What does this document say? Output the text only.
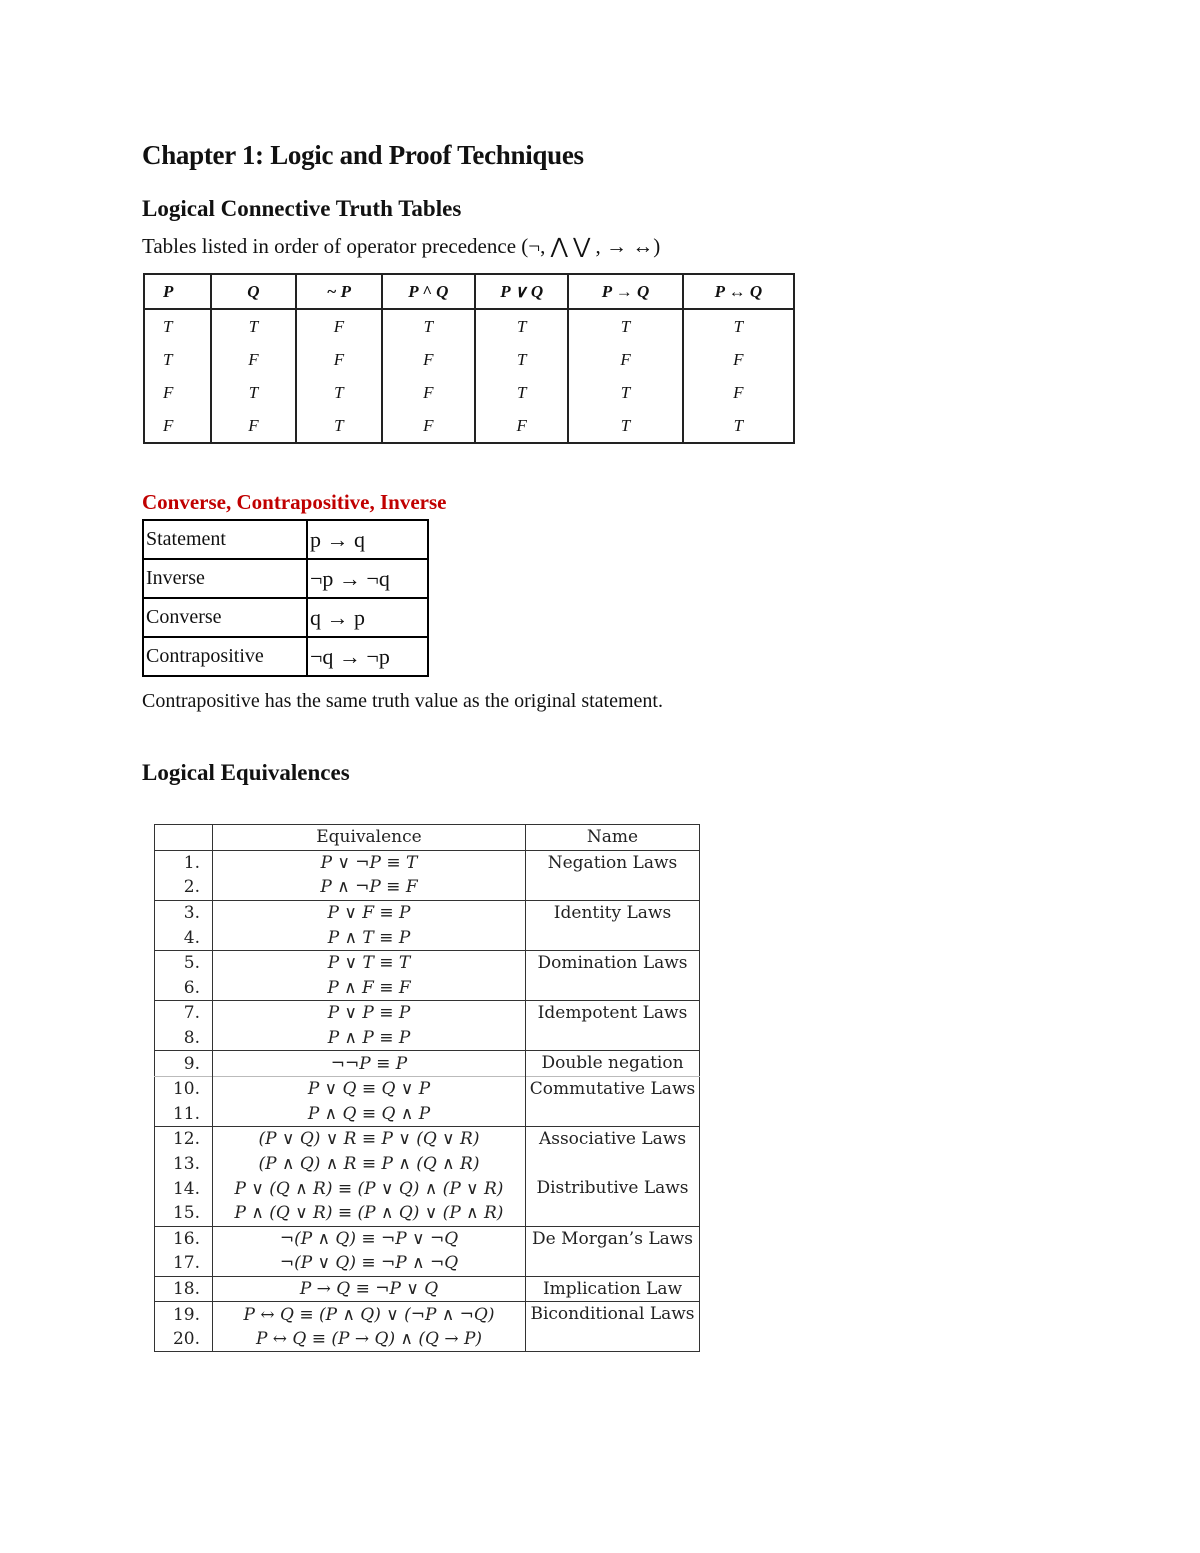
Chapter 1: Logic and Proof Techniques
Logical Connective Truth Tables
Tables listed in order of operator precedence (¬, ⋀ ⋁ , → ↔)
P	Q	~ P	P ^ Q	P ∨ Q	P → Q	P ↔ Q
T	T	F	T	T	T	T
T	F	F	F	T	F	F
F	T	T	F	T	T	F
F	F	T	F	F	T	T
Converse, Contrapositive, Inverse
Statement	p → q
Inverse	¬p → ¬q
Converse	q → p
Contrapositive	¬q → ¬p
Contrapositive has the same truth value as the original statement.
Logical Equivalences
	Equivalence	Name
1.	P ∨ ¬P ≡ T	Negation Laws
2.	P ∧ ¬P ≡ F	
3.	P ∨ F ≡ P	Identity Laws
4.	P ∧ T ≡ P	
5.	P ∨ T ≡ T	Domination Laws
6.	P ∧ F ≡ F	
7.	P ∨ P ≡ P	Idempotent Laws
8.	P ∧ P ≡ P	
9.	¬¬P ≡ P	Double negation
10.	P ∨ Q ≡ Q ∨ P	Commutative Laws
11.	P ∧ Q ≡ Q ∧ P	
12.	(P ∨ Q) ∨ R ≡ P ∨ (Q ∨ R)	Associative Laws
13.	(P ∧ Q) ∧ R ≡ P ∧ (Q ∧ R)	
14.	P ∨ (Q ∧ R) ≡ (P ∨ Q) ∧ (P ∨ R)	Distributive Laws
15.	P ∧ (Q ∨ R) ≡ (P ∧ Q) ∨ (P ∧ R)	
16.	¬(P ∧ Q) ≡ ¬P ∨ ¬Q	De Morgan’s Laws
17.	¬(P ∨ Q) ≡ ¬P ∧ ¬Q	
18.	P → Q ≡ ¬P ∨ Q	Implication Law
19.	P ↔ Q ≡ (P ∧ Q) ∨ (¬P ∧ ¬Q)	Biconditional Laws
20.	P ↔ Q ≡ (P → Q) ∧ (Q → P)	
